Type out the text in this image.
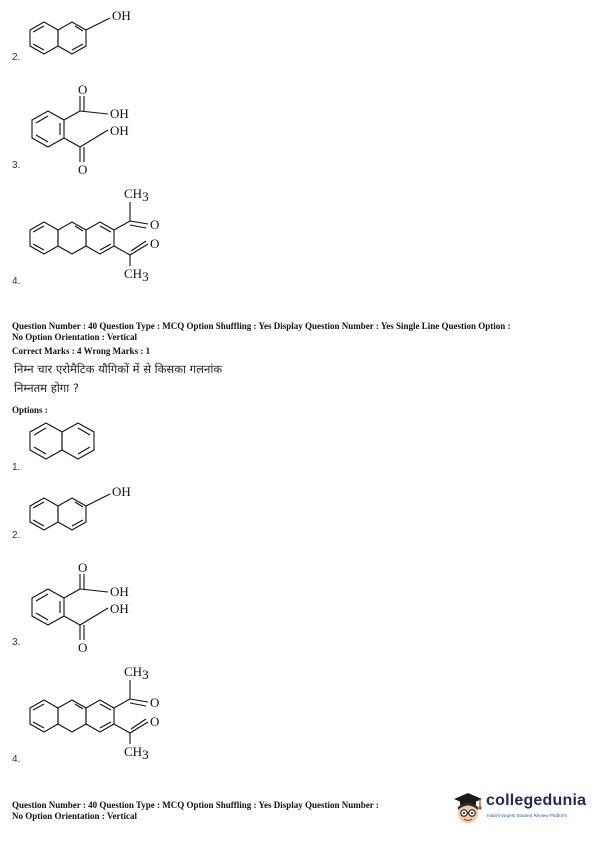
OH
2.
O
OH
OH
O
3.
CH3
O
O
CH3
4.
Question Number : 40 Question Type : MCQ Option Shuffling : Yes Display Question Number : Yes Single Line Question Option :
No Option Orientation : Vertical
Correct Marks : 4 Wrong Marks : 1
निम्न चार एरोमैटिक यौगिकों में से किसका गलनांक
निम्नतम होगा ?
Options :
1.
OH
2.
O
OH
OH
O
3.
CH3
O
O
CH3
4.
Question Number : 40 Question Type : MCQ Option Shuffling : Yes Display Question Number :
No Option Orientation : Vertical
collegedunia
India's largest Student Review Platform
